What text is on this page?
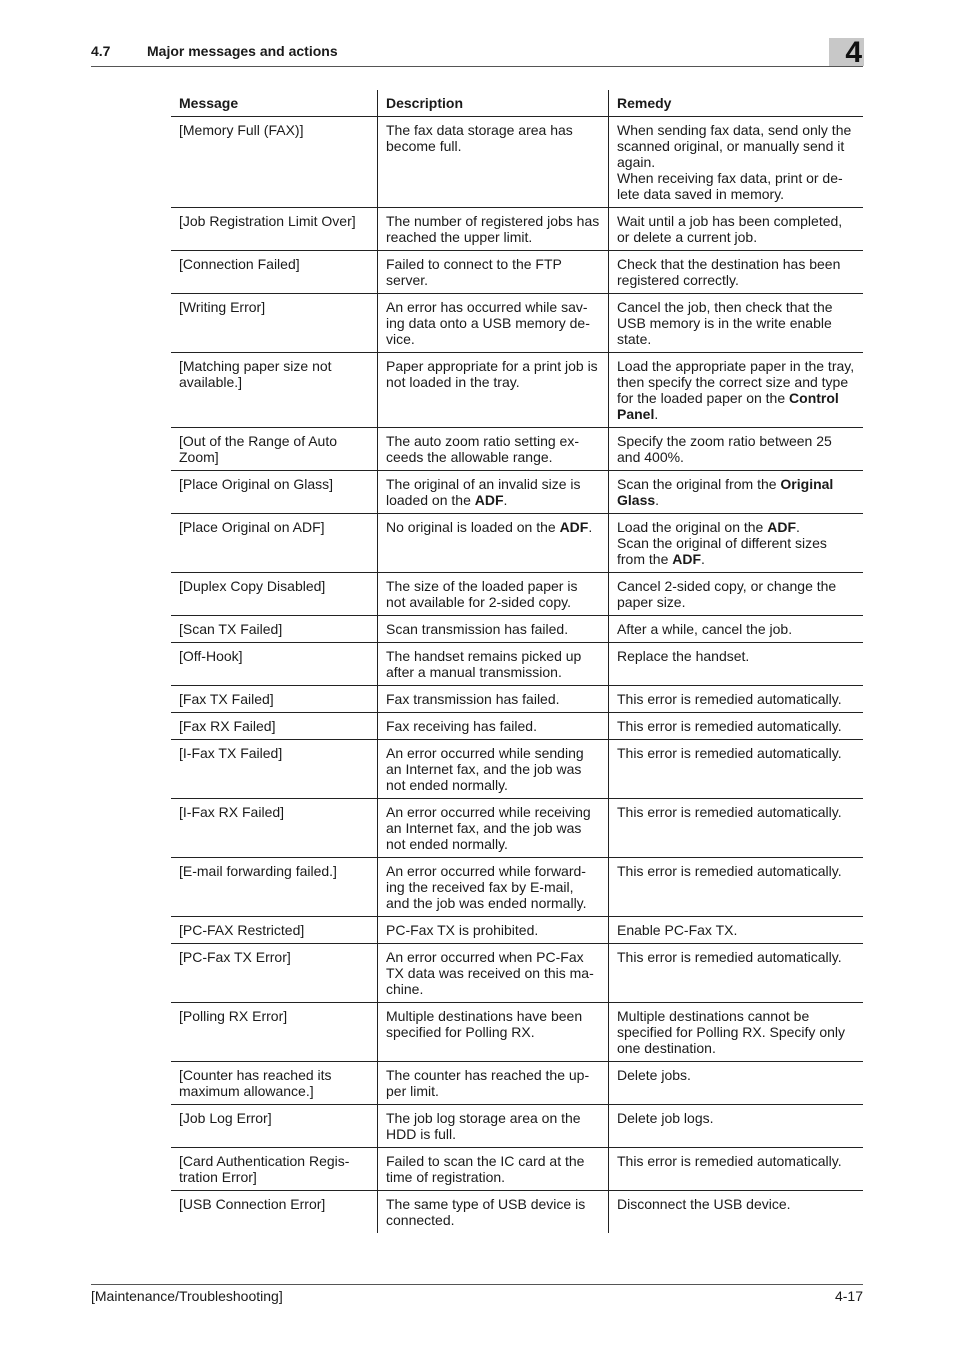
4.7	Major messages and actions	4
Message	Description	Remedy
[Memory Full (FAX)]	The fax data storage area has become full.	When sending fax data, send only the scanned original, or manually send it again.
When receiving fax data, print or de-lete data saved in memory.
[Job Registration Limit Over]	The number of registered jobs has reached the upper limit.	Wait until a job has been completed, or delete a current job.
[Connection Failed]	Failed to connect to the FTP server.	Check that the destination has been registered correctly.
[Writing Error]	An error has occurred while sav-ing data onto a USB memory de-vice.	Cancel the job, then check that the USB memory is in the write enable state.
[Matching paper size not available.]	Paper appropriate for a print job is not loaded in the tray.	Load the appropriate paper in the tray, then specify the correct size and type for the loaded paper on the Control Panel.
[Out of the Range of Auto Zoom]	The auto zoom ratio setting ex-ceeds the allowable range.	Specify the zoom ratio between 25 and 400%.
[Place Original on Glass]	The original of an invalid size is loaded on the ADF.	Scan the original from the Original Glass.
[Place Original on ADF]	No original is loaded on the ADF.	Load the original on the ADF.
Scan the original of different sizes from the ADF.
[Duplex Copy Disabled]	The size of the loaded paper is not available for 2-sided copy.	Cancel 2-sided copy, or change the paper size.
[Scan TX Failed]	Scan transmission has failed.	After a while, cancel the job.
[Off-Hook]	The handset remains picked up after a manual transmission.	Replace the handset.
[Fax TX Failed]	Fax transmission has failed.	This error is remedied automatically.
[Fax RX Failed]	Fax receiving has failed.	This error is remedied automatically.
[I-Fax TX Failed]	An error occurred while sending an Internet fax, and the job was not ended normally.	This error is remedied automatically.
[I-Fax RX Failed]	An error occurred while receiving an Internet fax, and the job was not ended normally.	This error is remedied automatically.
[E-mail forwarding failed.]	An error occurred while forward-ing the received fax by E-mail, and the job was ended normally.	This error is remedied automatically.
[PC-FAX Restricted]	PC-Fax TX is prohibited.	Enable PC-Fax TX.
[PC-Fax TX Error]	An error occurred when PC-Fax TX data was received on this ma-chine.	This error is remedied automatically.
[Polling RX Error]	Multiple destinations have been specified for Polling RX.	Multiple destinations cannot be specified for Polling RX. Specify only one destination.
[Counter has reached its maximum allowance.]	The counter has reached the up-per limit.	Delete jobs.
[Job Log Error]	The job log storage area on the HDD is full.	Delete job logs.
[Card Authentication Regis-tration Error]	Failed to scan the IC card at the time of registration.	This error is remedied automatically.
[USB Connection Error]	The same type of USB device is connected.	Disconnect the USB device.
[Maintenance/Troubleshooting]	4-17
